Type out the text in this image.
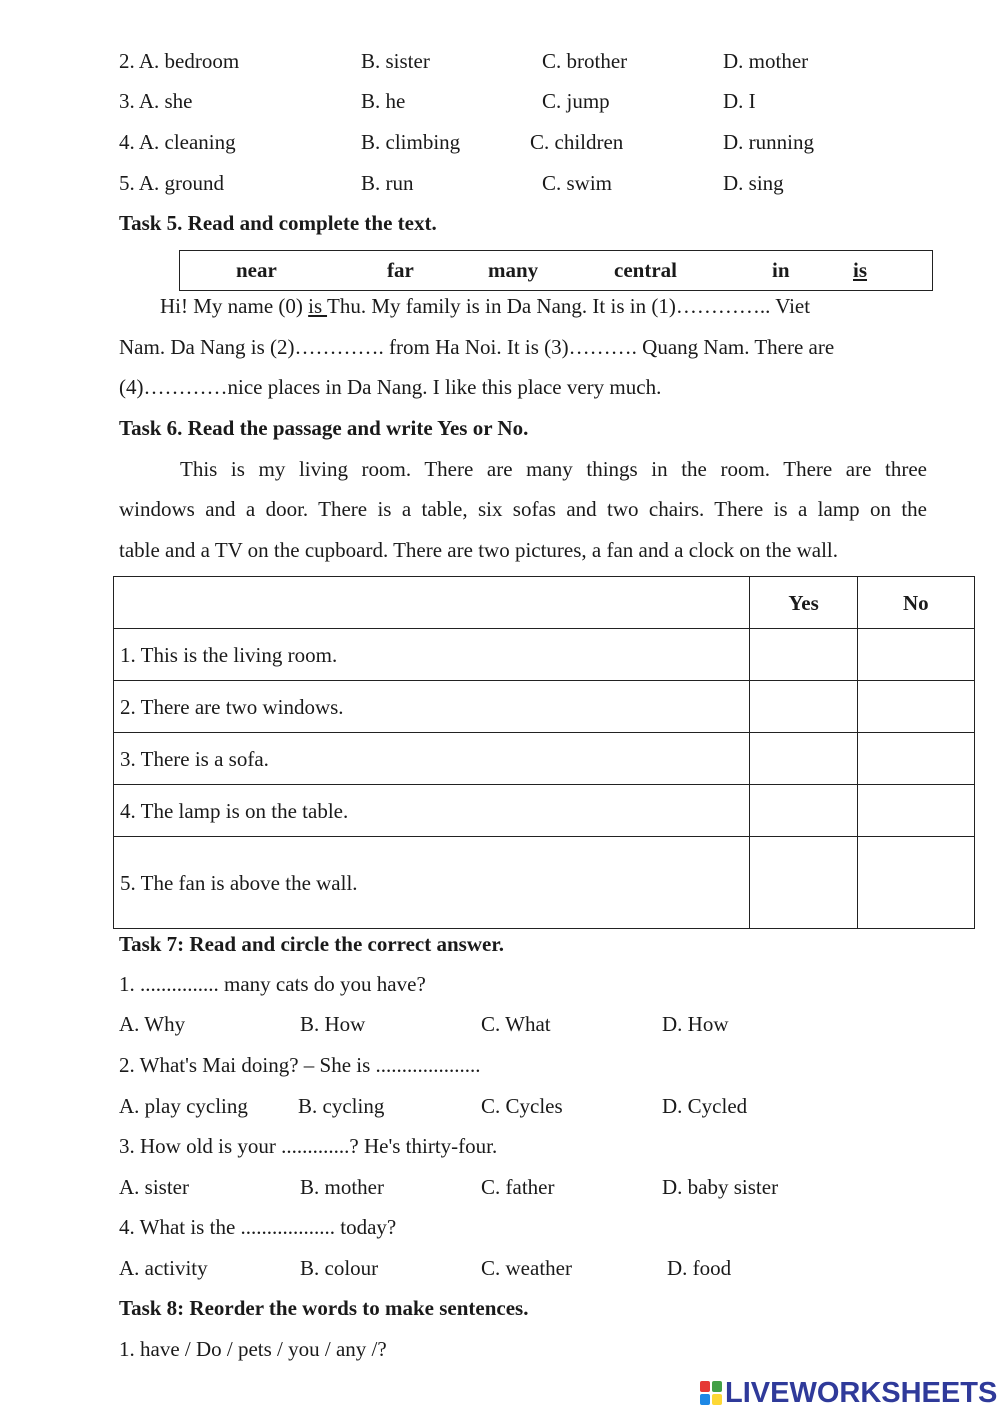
2. A. bedroom	B. sister	C. brother	D. mother
3. A. she	B. he	C. jump	D. I
4. A. cleaning	B. climbing	C. children	D. running
5. A. ground	B. run	C. swim	D. sing
Task 5. Read and complete the text.
near	far	many	central	in	is
Hi! My name (0) is Thu. My family is in Da Nang. It is in (1)………….. Viet
Nam. Da Nang is (2)…………. from Ha Noi. It is (3)………. Quang Nam. There are
(4)…………nice places in Da Nang. I like this place very much.
Task 6. Read the passage and write Yes or No.
This is my living room. There are many things in the room. There are three
windows and a door. There is a table, six sofas and two chairs. There is a lamp on the
table and a TV on the cupboard. There are two pictures, a fan and a clock on the wall.
	Yes	No
1. This is the living room.		
2. There are two windows.		
3. There is a sofa.		
4. The lamp is on the table.		
5. The fan is above the wall.		
Task 7: Read and circle the correct answer.
1. ............... many cats do you have?
A. Why	B. How	C. What	D. How
2. What's Mai doing? – She is ....................
A. play cycling B. cycling	C. Cycles	D. Cycled
3. How old is your .............? He's thirty-four.
A. sister	B. mother	C. father	D. baby sister
4. What is the .................. today?
A. activity	B. colour	C. weather	D. food
Task 8: Reorder the words to make sentences.
1. have / Do / pets / you / any /?
LIVEWORKSHEETS
